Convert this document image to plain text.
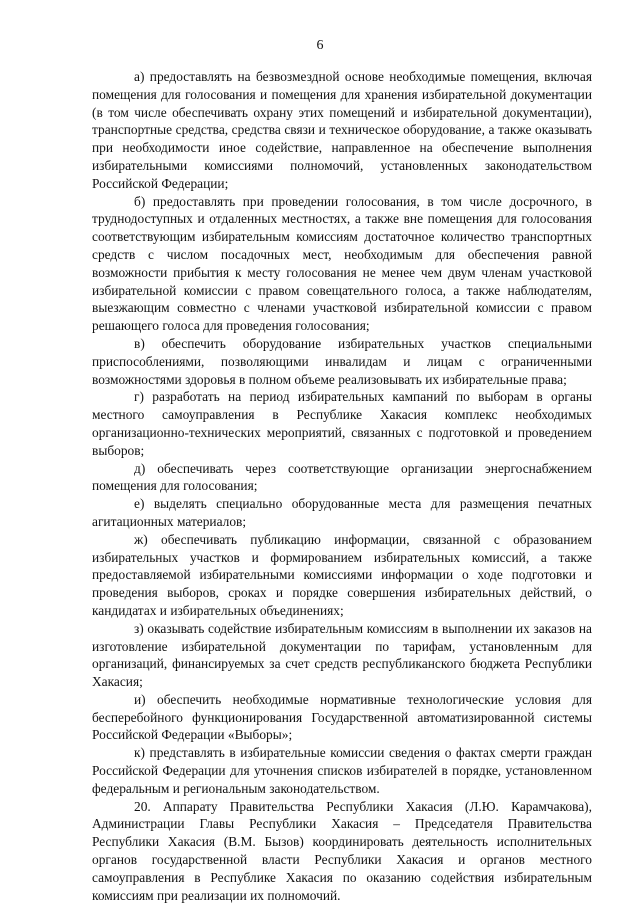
6

а) предоставлять на безвозмездной основе необходимые помещения, включая помещения для голосования и помещения для хранения избирательной документации (в том числе обеспечивать охрану этих помещений и избирательной документации), транспортные средства, средства связи и техническое оборудование, а также оказывать при необходимости иное содействие, направленное на обеспечение выполнения избирательными комиссиями полномочий, установленных законодательством Российской Федерации;

б) предоставлять при проведении голосования, в том числе досрочного, в труднодоступных и отдаленных местностях, а также вне помещения для голосования соответствующим избирательным комиссиям достаточное количество транспортных средств с числом посадочных мест, необходимым для обеспечения равной возможности прибытия к месту голосования не менее чем двум членам участковой избирательной комиссии с правом совещательного голоса, а также наблюдателям, выезжающим совместно с членами участковой избирательной комиссии с правом решающего голоса для проведения голосования;

в) обеспечить оборудование избирательных участков специальными приспособлениями, позволяющими инвалидам и лицам с ограниченными возможностями здоровья в полном объеме реализовывать их избирательные права;

г) разработать на период избирательных кампаний по выборам в органы местного самоуправления в Республике Хакасия комплекс необходимых организационно-технических мероприятий, связанных с подготовкой и проведением выборов;

д) обеспечивать через соответствующие организации энергоснабжением помещения для голосования;

е) выделять специально оборудованные места для размещения печатных агитационных материалов;

ж) обеспечивать публикацию информации, связанной с образованием избирательных участков и формированием избирательных комиссий, а также предоставляемой избирательными комиссиями информации о ходе подготовки и проведения выборов, сроках и порядке совершения избирательных действий, о кандидатах и избирательных объединениях;

з) оказывать содействие избирательным комиссиям в выполнении их заказов на изготовление избирательной документации по тарифам, установленным для организаций, финансируемых за счет средств республиканского бюджета Республики Хакасия;

и) обеспечить необходимые нормативные технологические условия для бесперебойного функционирования Государственной автоматизированной системы Российской Федерации «Выборы»;

к) представлять в избирательные комиссии сведения о фактах смерти граждан Российской Федерации для уточнения списков избирателей в порядке, установленном федеральным и региональным законодательством.

20. Аппарату Правительства Республики Хакасия (Л.Ю. Карамчакова), Администрации Главы Республики Хакасия – Председателя Правительства Республики Хакасия (В.М. Бызов) координировать деятельность исполнительных органов государственной власти Республики Хакасия и органов местного самоуправления в Республике Хакасия по оказанию содействия избирательным комиссиям при реализации их полномочий.
